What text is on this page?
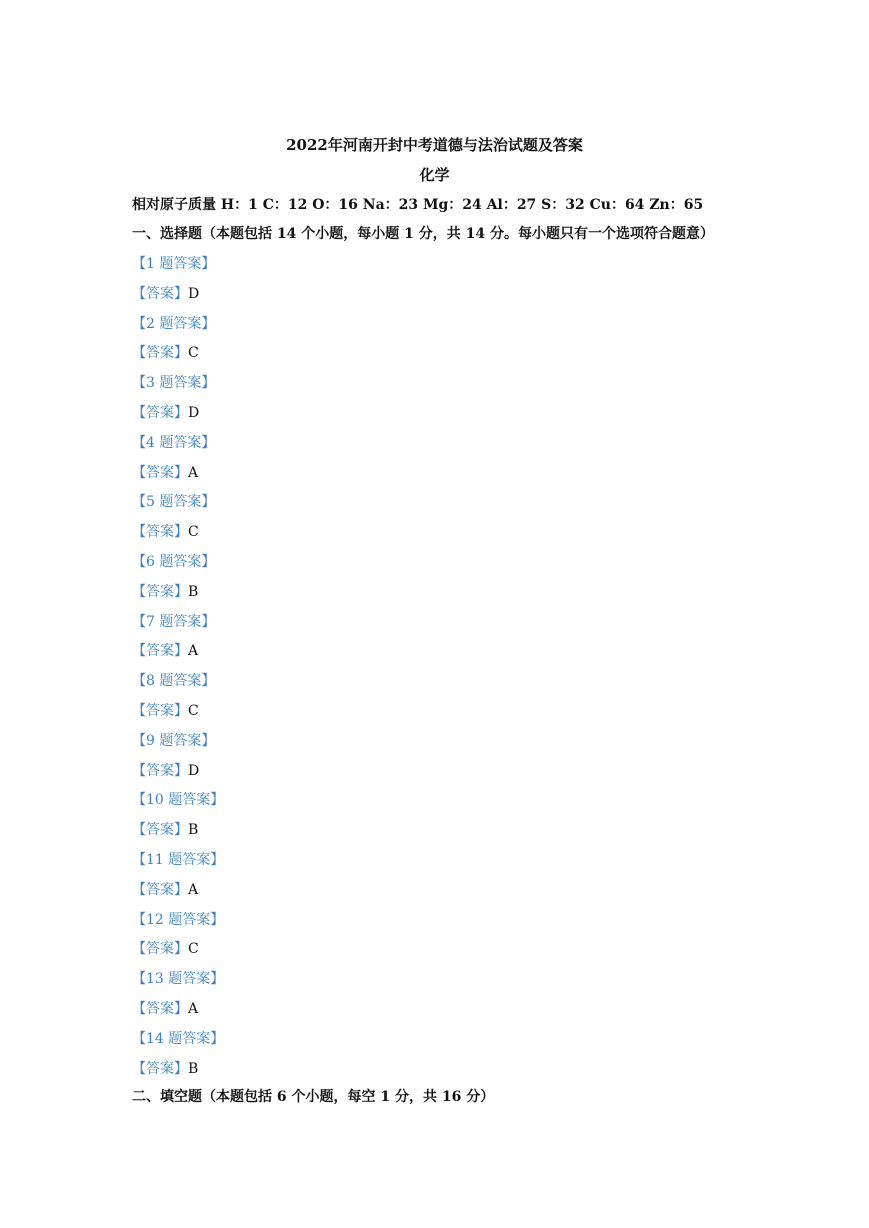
2022年河南开封中考道德与法治试题及答案
化学
相对原子质量 H：1 C：12 O：16 Na：23 Mg：24 Al：27 S：32 Cu：64 Zn：65
一、选择题（本题包括 14 个小题，每小题 1 分，共 14 分。每小题只有一个选项符合题意）
【1 题答案】
【答案】D
【2 题答案】
【答案】C
【3 题答案】
【答案】D
【4 题答案】
【答案】A
【5 题答案】
【答案】C
【6 题答案】
【答案】B
【7 题答案】
【答案】A
【8 题答案】
【答案】C
【9 题答案】
【答案】D
【10 题答案】
【答案】B
【11 题答案】
【答案】A
【12 题答案】
【答案】C
【13 题答案】
【答案】A
【14 题答案】
【答案】B
二、填空题（本题包括 6 个小题，每空 1 分，共 16 分）
